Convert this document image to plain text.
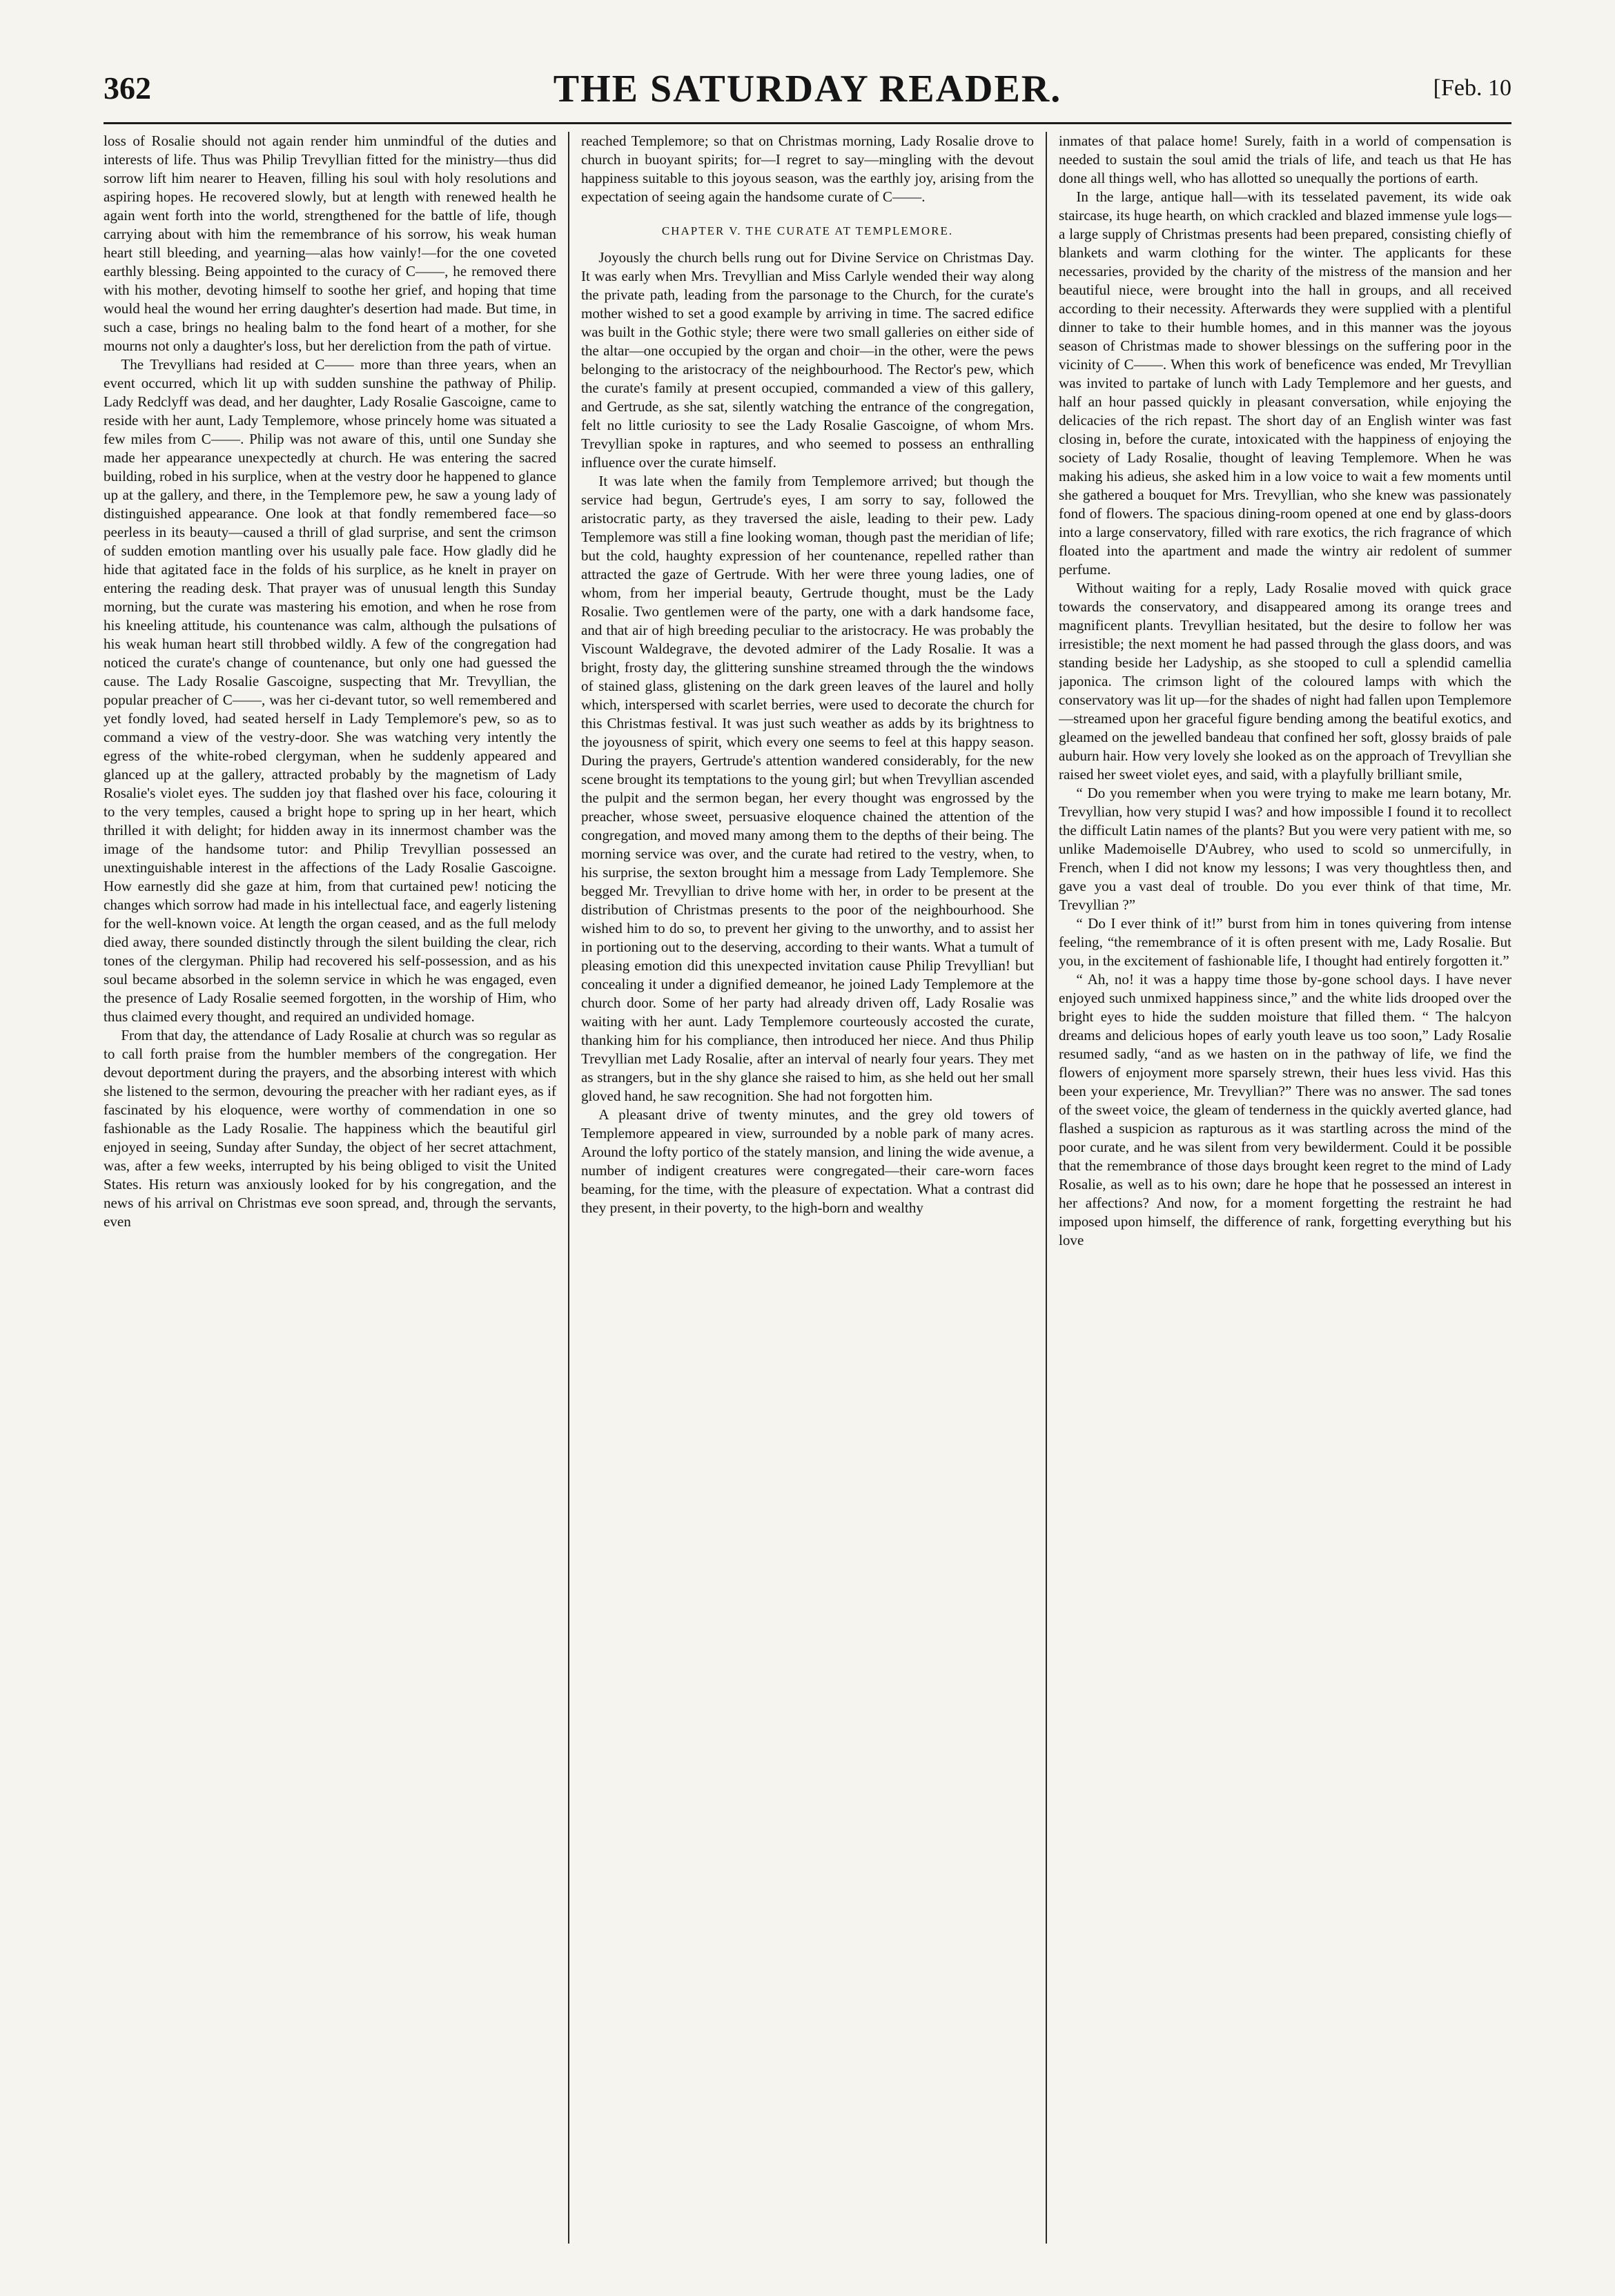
362	THE SATURDAY READER.	[Feb. 10

loss of Rosalie should not again render him unmindful of the duties and interests of life. Thus was Philip Trevyllian fitted for the ministry—thus did sorrow lift him nearer to Heaven, filling his soul with holy resolutions and aspiring hopes. He recovered slowly, but at length with renewed health he again went forth into the world, strengthened for the battle of life, though carrying about with him the remembrance of his sorrow, his weak human heart still bleeding, and yearning—alas how vainly!—for the one coveted earthly blessing. Being appointed to the curacy of C——, he removed there with his mother, devoting himself to soothe her grief, and hoping that time would heal the wound her erring daughter's desertion had made. But time, in such a case, brings no healing balm to the fond heart of a mother, for she mourns not only a daughter's loss, but her dereliction from the path of virtue.

The Trevyllians had resided at C—— more than three years, when an event occurred, which lit up with sudden sunshine the pathway of Philip. Lady Redclyff was dead, and her daughter, Lady Rosalie Gascoigne, came to reside with her aunt, Lady Templemore, whose princely home was situated a few miles from C——. Philip was not aware of this, until one Sunday she made her appearance unexpectedly at church. He was entering the sacred building, robed in his surplice, when at the vestry door he happened to glance up at the gallery, and there, in the Templemore pew, he saw a young lady of distinguished appearance. One look at that fondly remembered face—so peerless in its beauty—caused a thrill of glad surprise, and sent the crimson of sudden emotion mantling over his usually pale face. How gladly did he hide that agitated face in the folds of his surplice, as he knelt in prayer on entering the reading desk. That prayer was of unusual length this Sunday morning, but the curate was mastering his emotion, and when he rose from his kneeling attitude, his countenance was calm, although the pulsations of his weak human heart still throbbed wildly. A few of the congregation had noticed the curate's change of countenance, but only one had guessed the cause. The Lady Rosalie Gascoigne, suspecting that Mr. Trevyllian, the popular preacher of C——, was her ci-devant tutor, so well remembered and yet fondly loved, had seated herself in Lady Templemore's pew, so as to command a view of the vestry-door. She was watching very intently the egress of the white-robed clergyman, when he suddenly appeared and glanced up at the gallery, attracted probably by the magnetism of Lady Rosalie's violet eyes. The sudden joy that flashed over his face, colouring it to the very temples, caused a bright hope to spring up in her heart, which thrilled it with delight; for hidden away in its innermost chamber was the image of the handsome tutor: and Philip Trevyllian possessed an unextinguishable interest in the affections of the Lady Rosalie Gascoigne. How earnestly did she gaze at him, from that curtained pew! noticing the changes which sorrow had made in his intellectual face, and eagerly listening for the well-known voice. At length the organ ceased, and as the full melody died away, there sounded distinctly through the silent building the clear, rich tones of the clergyman. Philip had recovered his self-possession, and as his soul became absorbed in the solemn service in which he was engaged, even the presence of Lady Rosalie seemed forgotten, in the worship of Him, who thus claimed every thought, and required an undivided homage.

From that day, the attendance of Lady Rosalie at church was so regular as to call forth praise from the humbler members of the congregation. Her devout deportment during the prayers, and the absorbing interest with which she listened to the sermon, devouring the preacher with her radiant eyes, as if fascinated by his eloquence, were worthy of commendation in one so fashionable as the Lady Rosalie. The happiness which the beautiful girl enjoyed in seeing, Sunday after Sunday, the object of her secret attachment, was, after a few weeks, interrupted by his being obliged to visit the United States. His return was anxiously looked for by his congregation, and the news of his arrival on Christmas eve soon spread, and, through the servants, even

reached Templemore; so that on Christmas morning, Lady Rosalie drove to church in buoyant spirits; for—I regret to say—mingling with the devout happiness suitable to this joyous season, was the earthly joy, arising from the expectation of seeing again the handsome curate of C——.

CHAPTER V. THE CURATE AT TEMPLEMORE.

Joyously the church bells rung out for Divine Service on Christmas Day. It was early when Mrs. Trevyllian and Miss Carlyle wended their way along the private path, leading from the parsonage to the Church, for the curate's mother wished to set a good example by arriving in time. The sacred edifice was built in the Gothic style; there were two small galleries on either side of the altar—one occupied by the organ and choir—in the other, were the pews belonging to the aristocracy of the neighbourhood. The Rector's pew, which the curate's family at present occupied, commanded a view of this gallery, and Gertrude, as she sat, silently watching the entrance of the congregation, felt no little curiosity to see the Lady Rosalie Gascoigne, of whom Mrs. Trevyllian spoke in raptures, and who seemed to possess an enthralling influence over the curate himself.

It was late when the family from Templemore arrived; but though the service had begun, Gertrude's eyes, I am sorry to say, followed the aristocratic party, as they traversed the aisle, leading to their pew. Lady Templemore was still a fine looking woman, though past the meridian of life; but the cold, haughty expression of her countenance, repelled rather than attracted the gaze of Gertrude. With her were three young ladies, one of whom, from her imperial beauty, Gertrude thought, must be the Lady Rosalie. Two gentlemen were of the party, one with a dark handsome face, and that air of high breeding peculiar to the aristocracy. He was probably the Viscount Waldegrave, the devoted admirer of the Lady Rosalie. It was a bright, frosty day, the glittering sunshine streamed through the the windows of stained glass, glistening on the dark green leaves of the laurel and holly which, interspersed with scarlet berries, were used to decorate the church for this Christmas festival. It was just such weather as adds by its brightness to the joyousness of spirit, which every one seems to feel at this happy season. During the prayers, Gertrude's attention wandered considerably, for the new scene brought its temptations to the young girl; but when Trevyllian ascended the pulpit and the sermon began, her every thought was engrossed by the preacher, whose sweet, persuasive eloquence chained the attention of the congregation, and moved many among them to the depths of their being. The morning service was over, and the curate had retired to the vestry, when, to his surprise, the sexton brought him a message from Lady Templemore. She begged Mr. Trevyllian to drive home with her, in order to be present at the distribution of Christmas presents to the poor of the neighbourhood. She wished him to do so, to prevent her giving to the unworthy, and to assist her in portioning out to the deserving, according to their wants. What a tumult of pleasing emotion did this unexpected invitation cause Philip Trevyllian! but concealing it under a dignified demeanor, he joined Lady Templemore at the church door. Some of her party had already driven off, Lady Rosalie was waiting with her aunt. Lady Templemore courteously accosted the curate, thanking him for his compliance, then introduced her niece. And thus Philip Trevyllian met Lady Rosalie, after an interval of nearly four years. They met as strangers, but in the shy glance she raised to him, as she held out her small gloved hand, he saw recognition. She had not forgotten him.

A pleasant drive of twenty minutes, and the grey old towers of Templemore appeared in view, surrounded by a noble park of many acres. Around the lofty portico of the stately mansion, and lining the wide avenue, a number of indigent creatures were congregated—their care-worn faces beaming, for the time, with the pleasure of expectation. What a contrast did they present, in their poverty, to the high-born and wealthy

inmates of that palace home! Surely, faith in a world of compensation is needed to sustain the soul amid the trials of life, and teach us that He has done all things well, who has allotted so unequally the portions of earth.

In the large, antique hall—with its tesselated pavement, its wide oak staircase, its huge hearth, on which crackled and blazed immense yule logs—a large supply of Christmas presents had been prepared, consisting chiefly of blankets and warm clothing for the winter. The applicants for these necessaries, provided by the charity of the mistress of the mansion and her beautiful niece, were brought into the hall in groups, and all received according to their necessity. Afterwards they were supplied with a plentiful dinner to take to their humble homes, and in this manner was the joyous season of Christmas made to shower blessings on the suffering poor in the vicinity of C——. When this work of beneficence was ended, Mr Trevyllian was invited to partake of lunch with Lady Templemore and her guests, and half an hour passed quickly in pleasant conversation, while enjoying the delicacies of the rich repast. The short day of an English winter was fast closing in, before the curate, intoxicated with the happiness of enjoying the society of Lady Rosalie, thought of leaving Templemore. When he was making his adieus, she asked him in a low voice to wait a few moments until she gathered a bouquet for Mrs. Trevyllian, who she knew was passionately fond of flowers. The spacious dining-room opened at one end by glass-doors into a large conservatory, filled with rare exotics, the rich fragrance of which floated into the apartment and made the wintry air redolent of summer perfume.

Without waiting for a reply, Lady Rosalie moved with quick grace towards the conservatory, and disappeared among its orange trees and magnificent plants. Trevyllian hesitated, but the desire to follow her was irresistible; the next moment he had passed through the glass doors, and was standing beside her Ladyship, as she stooped to cull a splendid camellia japonica. The crimson light of the coloured lamps with which the conservatory was lit up—for the shades of night had fallen upon Templemore—streamed upon her graceful figure bending among the beatiful exotics, and gleamed on the jewelled bandeau that confined her soft, glossy braids of pale auburn hair. How very lovely she looked as on the approach of Trevyllian she raised her sweet violet eyes, and said, with a playfully brilliant smile,

“ Do you remember when you were trying to make me learn botany, Mr. Trevyllian, how very stupid I was? and how impossible I found it to recollect the difficult Latin names of the plants? But you were very patient with me, so unlike Mademoiselle D'Aubrey, who used to scold so unmercifully, in French, when I did not know my lessons; I was very thoughtless then, and gave you a vast deal of trouble. Do you ever think of that time, Mr. Trevyllian ?”

“ Do I ever think of it!” burst from him in tones quivering from intense feeling, “the remembrance of it is often present with me, Lady Rosalie. But you, in the excitement of fashionable life, I thought had entirely forgotten it.”

“ Ah, no! it was a happy time those by-gone school days. I have never enjoyed such unmixed happiness since,” and the white lids drooped over the bright eyes to hide the sudden moisture that filled them. “ The halcyon dreams and delicious hopes of early youth leave us too soon,” Lady Rosalie resumed sadly, “and as we hasten on in the pathway of life, we find the flowers of enjoyment more sparsely strewn, their hues less vivid. Has this been your experience, Mr. Trevyllian?” There was no answer. The sad tones of the sweet voice, the gleam of tenderness in the quickly averted glance, had flashed a suspicion as rapturous as it was startling across the mind of the poor curate, and he was silent from very bewilderment. Could it be possible that the remembrance of those days brought keen regret to the mind of Lady Rosalie, as well as to his own; dare he hope that he possessed an interest in her affections? And now, for a moment forgetting the restraint he had imposed upon himself, the difference of rank, forgetting everything but his love
